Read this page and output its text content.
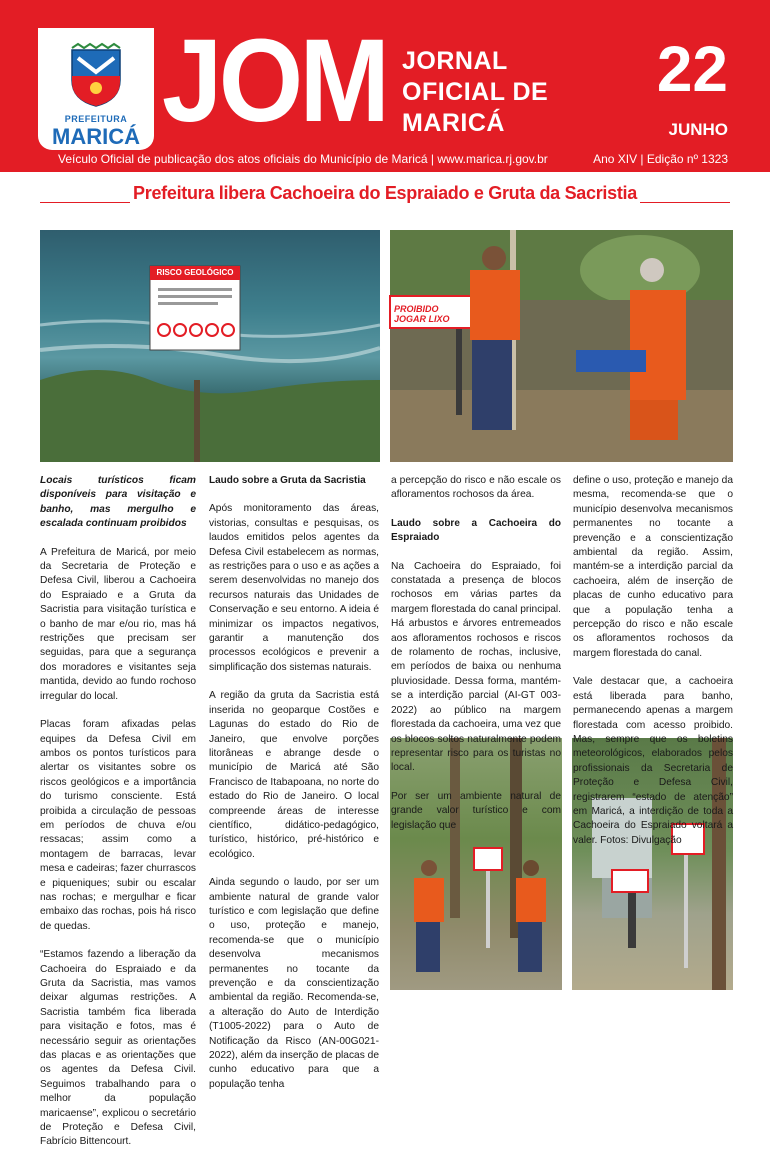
PREFEITURA
MARICÁ JOM JORNAL
OFICIAL DE
MARICÁ
22
JUNHO
Veículo Oficial de publicação dos atos oficiais do Município de Maricá | www.marica.rj.gov.br	Ano XIV | Edição nº 1323
Prefeitura libera Cachoeira do Espraiado e Gruta da Sacristia
RISCO GEOLÓGICO
PROIBIDO JOGAR LIXO

Locais turísticos ficam disponíveis para visitação e banho, mas mergulho e escalada continuam proibidos

A Prefeitura de Maricá, por meio da Secretaria de Proteção e Defesa Civil, liberou a Cachoeira do Espraiado e a Gruta da Sacristia para visitação turística e o banho de mar e/ou rio, mas há restrições que precisam ser seguidas, para que a segurança dos moradores e visitantes seja mantida, devido ao fundo rochoso irregular do local.

Placas foram afixadas pelas equipes da Defesa Civil em ambos os pontos turísticos para alertar os visitantes sobre os riscos geológicos e a importância do turismo consciente. Está proibida a circulação de pessoas em períodos de chuva e/ou ressacas; assim como a montagem de barracas, levar mesa e cadeiras; fazer churrascos e piqueniques; subir ou escalar nas rochas; e mergulhar e ficar embaixo das rochas, pois há risco de quedas.

“Estamos fazendo a liberação da Cachoeira do Espraiado e da Gruta da Sacristia, mas vamos deixar algumas restrições. A Sacristia também fica liberada para visitação e fotos, mas é necessário seguir as orientações das placas e as orientações que os agentes da Defesa Civil. Seguimos trabalhando para o melhor da população maricaense”, explicou o secretário de Proteção e Defesa Civil, Fabrício Bittencourt.

Laudo sobre a Gruta da Sacristia

Após monitoramento das áreas, vistorias, consultas e pesquisas, os laudos emitidos pelos agentes da Defesa Civil estabelecem as normas, as restrições para o uso e as ações a serem desenvolvidas no manejo dos recursos naturais das Unidades de Conservação e seu entorno. A ideia é minimizar os impactos negativos, garantir a manutenção dos processos ecológicos e prevenir a simplificação dos sistemas naturais.

A região da gruta da Sacristia está inserida no geoparque Costões e Lagunas do estado do Rio de Janeiro, que envolve porções litorâneas e abrange desde o município de Maricá até São Francisco de Itabapoana, no norte do estado do Rio de Janeiro. O local compreende áreas de interesse científico, didático-pedagógico, turístico, histórico, pré-histórico e ecológico.

Ainda segundo o laudo, por ser um ambiente natural de grande valor turístico e com legislação que define o uso, proteção e manejo, recomenda-se que o município desenvolva mecanismos permanentes no tocante da prevenção e da conscientização ambiental da região. Recomenda-se, a alteração do Auto de Interdição (T1005-2022) para o Auto de Notificação da Risco (AN-00G021-2022), além da inserção de placas de cunho educativo para que a população tenha

a percepção do risco e não escale os afloramentos rochosos da área.

Laudo sobre a Cachoeira do Espraiado

Na Cachoeira do Espraiado, foi constatada a presença de blocos rochosos em várias partes da margem florestada do canal principal. Há arbustos e árvores entremeados aos afloramentos rochosos e riscos de rolamento de rochas, inclusive, em períodos de baixa ou nenhuma pluviosidade. Dessa forma, mantém-se a interdição parcial (AI-GT 003-2022) ao público na margem florestada da cachoeira, uma vez que os blocos soltos naturalmente podem representar risco para os turistas no local.

Por ser um ambiente natural de grande valor turístico e com legislação que

define o uso, proteção e manejo da mesma, recomenda-se que o município desenvolva mecanismos permanentes no tocante a prevenção e a conscientização ambiental da região. Assim, mantém-se a interdição parcial da cachoeira, além de inserção de placas de cunho educativo para que a população tenha a percepção do risco e não escale os afloramentos rochosos da margem florestada do canal.

Vale destacar que, a cachoeira está liberada para banho, permanecendo apenas a margem florestada com acesso proibido. Mas, sempre que os boletins meteorológicos, elaborados pelos profissionais da Secretaria de Proteção e Defesa Civil, registrarem “estado de atenção” em Maricá, a interdição de toda a Cachoeira do Espraiado voltará a valer. Fotos: Divulgação
